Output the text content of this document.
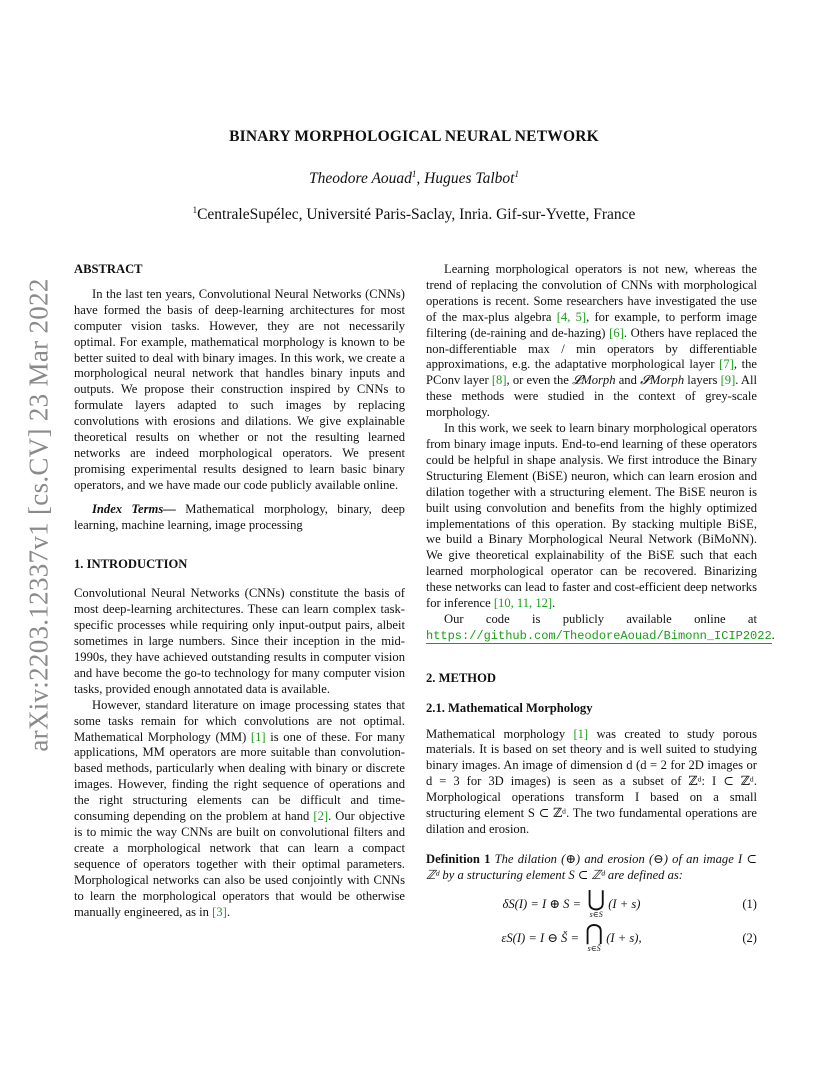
arXiv:2203.12337v1 [cs.CV] 23 Mar 2022
BINARY MORPHOLOGICAL NEURAL NETWORK
Theodore Aouad$^1$, Hugues Talbot$^1$
$^1$CentraleSupélec, Université Paris-Saclay, Inria. Gif-sur-Yvette, France

ABSTRACT

In the last ten years, Convolutional Neural Networks (CNNs) have formed the basis of deep-learning architectures for most computer vision tasks. However, they are not necessarily optimal. For example, mathematical morphology is known to be better suited to deal with binary images. In this work, we create a morphological neural network that handles binary inputs and outputs. We propose their construction inspired by CNNs to formulate layers adapted to such images by replacing convolutions with erosions and dilations. We give explainable theoretical results on whether or not the resulting learned networks are indeed morphological operators. We present promising experimental results designed to learn basic binary operators, and we have made our code publicly available online.

Index Terms— Mathematical morphology, binary, deep learning, machine learning, image processing

1. INTRODUCTION

Convolutional Neural Networks (CNNs) constitute the basis of most deep-learning architectures. These can learn complex task-specific processes while requiring only input-output pairs, albeit sometimes in large numbers. Since their inception in the mid-1990s, they have achieved outstanding results in computer vision and have become the go-to technology for many computer vision tasks, provided enough annotated data is available.

However, standard literature on image processing states that some tasks remain for which convolutions are not optimal. Mathematical Morphology (MM) [1] is one of these. For many applications, MM operators are more suitable than convolution-based methods, particularly when dealing with binary or discrete images. However, finding the right sequence of operations and the right structuring elements can be difficult and time-consuming depending on the problem at hand [2]. Our objective is to mimic the way CNNs are built on convolutional filters and create a morphological network that can learn a compact sequence of operators together with their optimal parameters. Morphological networks can also be used conjointly with CNNs to learn the morphological operators that would be otherwise manually engineered, as in [3].

Learning morphological operators is not new, whereas the trend of replacing the convolution of CNNs with morphological operations is recent. Some researchers have investigated the use of the max-plus algebra [4, 5], for example, to perform image filtering (de-raining and de-hazing) [6]. Others have replaced the non-differentiable max / min operators by differentiable approximations, e.g. the adaptative morphological layer [7], the PConv layer [8], or even the 𝓛Morph and 𝓢Morph layers [9]. All these methods were studied in the context of grey-scale morphology.

In this work, we seek to learn binary morphological operators from binary image inputs. End-to-end learning of these operators could be helpful in shape analysis. We first introduce the Binary Structuring Element (BiSE) neuron, which can learn erosion and dilation together with a structuring element. The BiSE neuron is built using convolution and benefits from the highly optimized implementations of this operation. By stacking multiple BiSE, we build a Binary Morphological Neural Network (BiMoNN). We give theoretical explainability of the BiSE such that each learned morphological operator can be recovered. Binarizing these networks can lead to faster and cost-efficient deep networks for inference [10, 11, 12].

Our code is publicly available online at https://github.com/TheodoreAouad/Bimonn_ICIP2022.

2. METHOD

2.1. Mathematical Morphology

Mathematical morphology [1] was created to study porous materials. It is based on set theory and is well suited to studying binary images. An image of dimension d (d = 2 for 2D images or d = 3 for 3D images) is seen as a subset of ℤᵈ: I ⊂ ℤᵈ. Morphological operations transform I based on a small structuring element S ⊂ ℤᵈ. The two fundamental operations are dilation and erosion.

Definition 1 The dilation (⊕) and erosion (⊖) of an image I ⊂ ℤᵈ by a structuring element S ⊂ ℤᵈ are defined as:

δS(I) = I ⊕ S = ⋃
s∈S
(I + s)	(1)
εS(I) = I ⊖ Š = ⋂
s∈Š
(I + s),	(2)
